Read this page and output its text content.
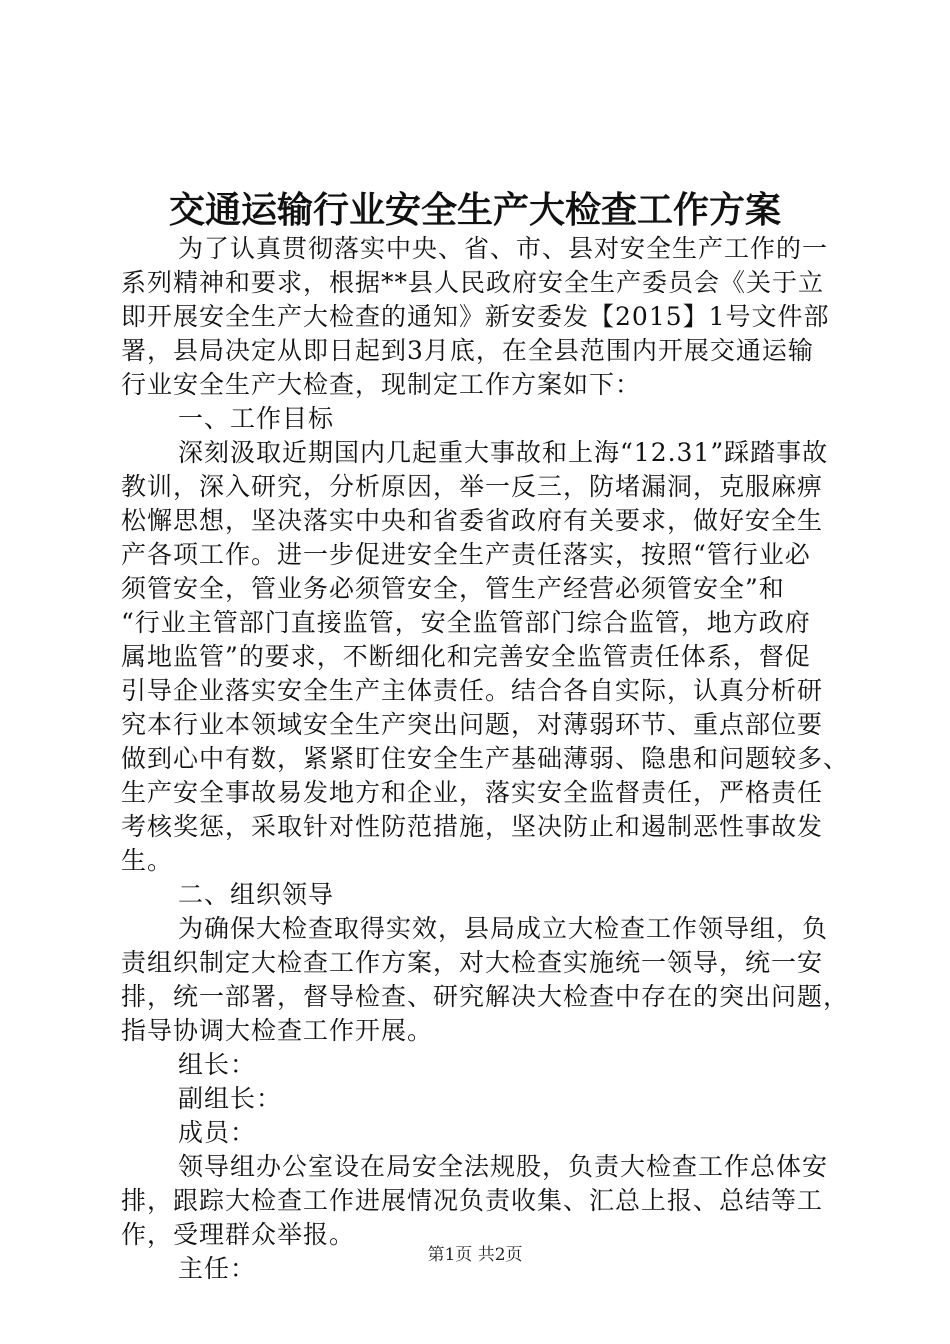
交通运输行业安全生产大检查工作方案
为了认真贯彻落实中央、省、市、县对安全生产工作的一
系列精神和要求，根据**县人民政府安全生产委员会《关于立
即开展安全生产大检查的通知》新安委发【2015】1号文件部
署，县局决定从即日起到3月底，在全县范围内开展交通运输
行业安全生产大检查，现制定工作方案如下：
一、工作目标
深刻汲取近期国内几起重大事故和上海“12.31”踩踏事故
教训，深入研究，分析原因，举一反三，防堵漏洞，克服麻痹
松懈思想，坚决落实中央和省委省政府有关要求，做好安全生
产各项工作。进一步促进安全生产责任落实，按照“管行业必
须管安全，管业务必须管安全，管生产经营必须管安全”和
“行业主管部门直接监管，安全监管部门综合监管，地方政府
属地监管”的要求，不断细化和完善安全监管责任体系，督促
引导企业落实安全生产主体责任。结合各自实际，认真分析研
究本行业本领域安全生产突出问题，对薄弱环节、重点部位要
做到心中有数，紧紧盯住安全生产基础薄弱、隐患和问题较多、
生产安全事故易发地方和企业，落实安全监督责任，严格责任
考核奖惩，采取针对性防范措施，坚决防止和遏制恶性事故发
生。
二、组织领导
为确保大检查取得实效，县局成立大检查工作领导组，负
责组织制定大检查工作方案，对大检查实施统一领导，统一安
排，统一部署，督导检查、研究解决大检查中存在的突出问题，
指导协调大检查工作开展。
组长：
副组长：
成员：
领导组办公室设在局安全法规股，负责大检查工作总体安
排，跟踪大检查工作进展情况负责收集、汇总上报、总结等工
作，受理群众举报。
主任：	第1页 共2页
